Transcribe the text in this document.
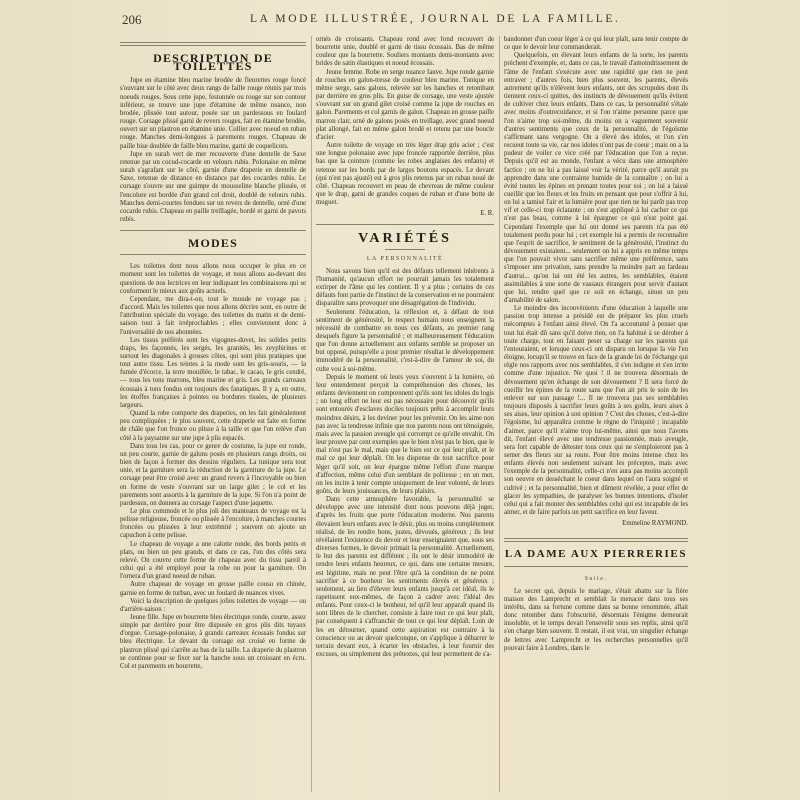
206	LA MODE ILLUSTRÉE, JOURNAL DE LA FAMILLE.
DESCRIPTION DE TOILETTES

Jupe en étamine bleu marine brodée de fleurettes rouge foncé s'ouvrant sur le côté avec deux rangs de faille rouge réunis par trois noeuds rouges. Sous cette jupe, festonnée ou rouge sur son contour inférieur, se trouve une jupe d'étamine de même nuance, non brodée, plissée tout autour, posée sur un pardessous en foulard rouge. Corsage plissé garni de revers rouges, fait en étamine brodée, ouvert sur un plastron en étamine unie. Collier avec noeud en ruban rouge. Manches demi-longues à parements rouges. Chapeau de paille bise doublée de faille bleu marine, garni de coquelicots.

Jupe en surah vert de mer recouverte d'une dentelle de Saxe retenue par un cocud-cocarde en velours rubis. Polonaise en même surah s'agrafant sur le côté, garnie d'une draperie en dentelle de Saxe, retenue de distance en distance par des cocardes rubis. Le corsage s'ouvre sur une guimpe de mousseline blanche plissée, et l'encolure est bordée d'un grand col droit, doublé de velours rubis. Manches demi-courtes fendues sur un revers de dentelle, orné d'une cocarde rubis. Chapeau en paille treillagée, bordé et garni de pavots rubis.

MODES

Les toilettes dont nous allons nous occuper le plus en ce moment sont les toilettes de voyage, et nous allons au-devant des questions de nos lectrices en leur indiquant les combinaisons qui se conforment le mieux aux goûts actuels.

Cependant, me dira-t-on, tout le monde ne voyage pas ; d'accord. Mais les toilettes que nous allons décrire sont, en outre de l'attribution spéciale du voyage, des toilettes du matin et de demi-saison tout à fait irréprochables ; elles conviennent donc à l'universalité de nos abonnées.

Les tissus préférés sont les vigognes-duvet, les solides petits draps, les façonnés, les sergés, les granités, les zeyphirines et surtout les diagonales à grosses côtes, qui sont plus pratiques que tout autre tissu. Les teintes à la mode sont les gris-souris, — la fumée d'écorce, la terre mouillée, le tabac, le cacao, le gris cendré, — tous les tons marrons, bleu marine et gris. Les grands carreaux écossais à tons fondus ont toujours des fanatiques. Il y a, en outre, les étoffes françaises à pointes ou bordures tissées, de plusieurs largeurs.

Quand la robe comporte des draperies, on les fait généralement peu compliquées ; le plus souvent, cette draperie est faite en forme de châle que l'on fronce ou plisse à la taille et que l'on relève d'un côté à la paysanne sur une jupe à plis espacés.

Dans tous les cas, pour ce genre de costume, la jupe est ronde, un peu courte, garnie de galons posés en plusieurs rangs droits, ou bien de façon à former des dessins réguliers. La tunique sera tout unie, et la garniture sera la réduction de la garniture de la jupe. Le corsage peut être croisé avec un grand revers à l'incroyable ou bien en forme de veste s'ouvrant sur un large gilet ; le col et les parements sont assortis à la garniture de la jupe. Si l'on n'a point de pardessus, on donnera au corsage l'aspect d'une jaquette.

Le plus commode et le plus joli des manteaux de voyage est la pelisse religieuse, froncée ou plissée à l'encolure, à manches courtes froncées ou plissées à leur extrémité ; souvent on ajoute un capuchon à cette pelisse.

Le chapeau de voyage a une calotte ronde, des bords petits et plats, ou bien un peu grands, et dans ce cas, l'un des côtés sera relevé. On couvre cette forme de chapeau avec du tissu pareil à celui qui a été employé pour la robe ou pour la garniture. On l'ornera d'un grand noeud de ruban.

Autre chapeau de voyage en grosse paille cousu en chinée, garnie en forme de turban, avec un foulard de nuances vives.

Voici la description de quelques jolies toilettes de voyage — ou d'arrière-saison :

Jeune fille. Jupe en bourrette bleu électrique ronde, courte, assez simple par derrière pour être disposée en gros plis dits tuyaux d'orgue. Corsage-polonaise, à grands carreaux écossais fondus sur bleu électrique. Le devant du corsage est croisé en forme de plastron plissé qui s'arrête au bas de la taille. La draperie du plastron se continue pour se fixer sur la hanche sous un croissant en écru. Col et parements en bourrette,

ornés de croissants. Chapeau rond avec fond recouvert de bourrette unie, doublé et garni de tissu écossais. Bas de même couleur que la bourrette. Souliers montants demi-montants avec brides de satin élastiques et noeud écossais.

Jeune femme. Robe en serge nuance fauve. Jupe ronde garnie de rouches en galon-tresse de couleur bleu marine. Tunique en même serge, sans galons, relevée sur les hanches et retombant par derrière en gros plis. En guise de corsage, une veste ajustée s'ouvrant sur un grand gilet croisé comme la jupe de rouches en galon. Parements et col garnis de galon. Chapeau en grosse paille marron clair, orné de galons posés en treillage, avec grand noeud plat allongé, fait en même galon brodé et retenu par une boucle d'acier.

Autre toilette de voyage en très léger drap gris acier ; c'est une longue polonaise avec jupe froncée rapportée derrière, plus bas que la ceinture (comme les robes anglaises des enfants) et retenue sur les bords par de larges boutons espacés. Le devant (qui n'est pas ajusté) est à gros plis retenus par un ruban noué de côté. Chapeau recouvert en peau de chevreau de même couleur que le drap, garni de grandes coques de ruban et d'une botte de muguet.

E. R.
VARIÉTÉS
LA PERSONNALITÉ

Nous savons bien qu'il est des défauts tellement inhérents à l'humanité, qu'aucun effort ne pourrait jamais les totalement extirper de l'âme qui les contient. Il y a plus ; certains de ces défauts font partie de l'instinct de la conservation et ne pourraient disparaître sans provoquer une désagrégation de l'individu.

Seulement l'éducation, la réflexion et, à défaut de tout sentiment de générosité, le respect humain nous enseignent la nécessité de combattre en nous ces défauts, au premier rang desquels figure la personnalité ; et malheureusement l'éducation que l'on donne actuellement aux enfants semble se proposer un but opposé, puisqu'elle a pour premier résultat le développement immodéré de la personnalité, c'est-à-dire de l'amour de soi, du culte vou à soi-même.

Depuis le moment où leurs yeux s'ouvrent à la lumière, où leur entendement perçoit la compréhension des choses, les enfants deviennent on comprennent qu'ils sont les idoles du logis ; un long effort ne leur est pas nécessaire pour découvrir qu'ils sont entourés d'esclaves dociles toujours prêts à accomplir leurs moindres désirs, à les deviner pour les prévenir. On les aime non pas avec la tendresse infinie que nos parents nous ont témoignée, mais avec la passion aveugle qui corrompt ce qu'elle envahit. On leur prouve par cent exemples que le bien n'est pas le bien, que le mal n'est pas le mal, mais que le bien est ce qui leur plaît, et le mal ce qui leur déplaît. On les dispense de tout sacrifice pour léger qu'il soit, on leur épargne même l'effort d'une marque d'affection, même celui d'un semblant de politesse ; en un mot, on les incite à tenir compte uniquement de leur volonté, de leurs goûts, de leurs jouissances, de leurs plaisirs.

Dans cette atmosphère favorable, la personnalité se développe avec une intensité dont nous pouvons déjà juger, d'après les fruits que porte l'éducation moderne. Nos parents élevaient leurs enfants avec le désir, plus ou moins complètement réalisé, de les rendre bons, justes, dévoués, généreux ; ils leur révélaient l'existence du devoir et leur enseignaient que, sous ses diverses formes, le devoir primait la personnalité. Actuellement, le but des parents est différent ; ils ont le désir immodéré de rendre leurs enfants heureux, ce qui, dans une certaine mesure, est légitime, mais ne peut l'être qu'à la condition de ne point sacrifier à ce bonheur les sentiments élevés et généreux ; seulement, au lieu d'élever leurs enfants jusqu'à cet idéal, ils le rapetissent eux-mêmes, de façon à cadrer avec l'idéal des enfants. Pour ceux-ci le bonheur, tel qu'il leur apparaît quand ils sont libres de le chercher, consiste à faire tout ce qui leur plaît, par conséquent à s'affranchir de tout ce qui leur déplaît. Loin de les en détourner, quand cette aspiration est contraire à la conscience ou au devoir quelconque, on s'applique à débarrer le terrain devant eux, à écarter les obstacles, à leur fournir des excuses, ou simplement des prétextes, qui leur permettent de s'a-

bandonner d'un coeur léger à ce qui leur plaît, sans tenir compte de ce que le devoir leur commanderait.

Quelquefois, en élevant leurs enfants de la sorte, les parents préchent d'exemple, et, dans ce cas, le travail d'amoindrissement de l'âme de l'enfant s'exécute avec une rapidité que rien ne peut entraver ; d'autres fois, bien plus souvent, les parents, élevés autrement qu'ils n'élèvent leurs enfants, ont des scrupules dont ils tiennent ceux-ci quittes, des instincts de dévouement qu'ils évitent de cultiver chez leurs enfants. Dans ce cas, la personnalité s'étale avec moins d'outrecuidance, et si l'on n'aime personne parce que l'on n'aime trop soi-même, du moins on a vaguement souvenir d'autres sentiments que ceux de la personnalité, de l'égoïsme s'affirmant sans vergogne. On a élevé des idoles, et l'on s'en recueut toute sa vie, car nos idoles n'ont pas de coeur ; mais on a la pudeur de voiler ce vice créé par l'éducation que l'on a reçue. Depuis qu'il est au monde, l'enfant a vécu dans une atmosphère factice ; on ne lui a pas laissé voir la vérité, parce qu'il aurait pu apprendre dans une contrainte humide de la connaître ; on lui a évité toutes les épines en prenant toutes pour soi ; on lui a laissé cueillir que les fleurs et les fruits en pensant que pour s'offrir à lui, on lui a tamisé l'air et la lumière pour que rien ne lui parût pas trop vif et celle-ci trop éclatante ; on s'est appliqué à lui cacher ce qui n'est pas beau, comme à lui épargner ce qui n'est point gai. Cependant l'exemple que lui ont donné ses parents n'a pas été totalement perdu pour lui ; cet exemple lui a permis de reconnaître que l'esprit de sacrifice, le sentiment de la générosité, l'instinct du dévouement existaient... seulement on lui a appris en même temps que l'on pouvait vivre sans sacrifier même une préférence, sans s'imposer une privation, sans prendre la moindre part au fardeau d'autrui... qu'on lui ont été les autres, les semblables, étaient assimilables à une sorte de vassaux étrangers pour servir d'autant que lui, rendre quel que ce soit en échange, sinon un peu d'amabilité de salon.

Le moindre des inconvénients d'une éducation à laquelle une passion trop intense a présidé est de préparer les plus cruels mécomptes à l'enfant ainsi élevé. On l'a accoutumé à penser que tout lui était dû sans qu'il doive rien, on l'a habitué à se dérober à toute charge, tout en faisant peser sa charge sur les parents qui l'entouraient, et lorsque ceux-ci ont disparu on lorsque la vie l'en éloigne, lorsqu'il se trouve en face de la grande loi de l'échange qui règle nos rapports avec nos semblables, il s'en indigne et s'en irrite comme d'une injustice. Ne quoi ! il ne trouvera désormais de dévouement qu'en échange de son dévouement ? Il sera forcé de cueillir les épines de la route sans que l'on ait pris le soin de les enlever sur son passage !... Il ne trouvera pas ses semblables toujours disposés à sacrifier leurs goûts à ses goûts, leurs aises à ses aises, leur opinion à son opinion ? C'est des choses, c'est-à-dire l'égoïsme, lui apparaîtra comme le règne de l'iniquité ; incapable d'aimer, parce qu'il n'aime trop lui-même, ainsi que nous l'avons dit, l'enfant élevé avec une tendresse passionnée, mais aveugle, sera fort capable de détester tous ceux qui ne s'emploieront pas à semer des fleurs sur sa route. Pour être moins intense chez les enfants élevés non seulement suivant les préceptes, mais avec l'exemple de la personnalité, celle-ci n'en aura pas moins accompli son oeuvre en desséchant le coeur dans lequel on l'aura soigné et cultivé ; et la personnalité, bien et dûment révélée, a pour effet de glacer les sympathies, de paralyser les bonnes intentions, d'isoler celui qui a fait monter des semblables celui qui est incapable de les aimer, et de faire parfois un petit sacrifice en leur faveur.

Emmeline RAYMOND.
LA DAME AUX PIERRERIES
Suite.

Le secret qui, depuis le mariage, s'était abattu sur la fière maison des Lamprecht et semblait la menacer dans tous ses intérêts, dans sa fortune comme dans sa bonne renommée, allait donc retomber dans l'obscurité, désormais l'énigme demeurait insoluble, et le temps devait l'ensevelir sous ses replis, ainsi qu'il s'en charge bien souvent. Il restait, il est vrai, un singulier échange de lettres avec Lamprecht et les recherches personnelles qu'il pouvait faire à Londres, dans le
